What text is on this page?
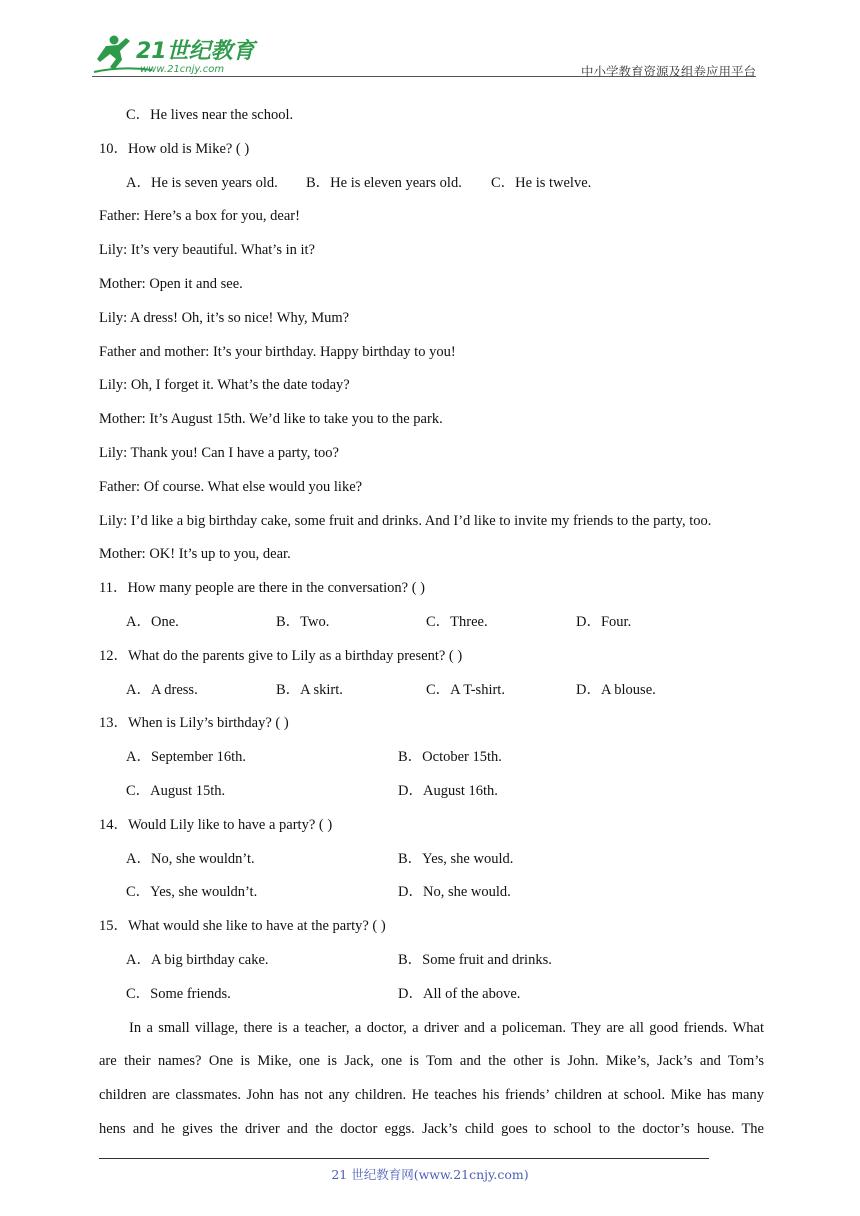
21世纪教育
www.21cnjy.com	中小学教育资源及组卷应用平台
C．He lives near the school.
10．How old is Mike? ( )
A．He is seven years old. B．He is eleven years old. C．He is twelve.
Father: Here’s a box for you, dear!
Lily: It’s very beautiful. What’s in it?
Mother: Open it and see.
Lily: A dress! Oh, it’s so nice! Why, Mum?
Father and mother: It’s your birthday. Happy birthday to you!
Lily: Oh, I forget it. What’s the date today?
Mother: It’s August 15th. We’d like to take you to the park.
Lily: Thank you! Can I have a party, too?
Father: Of course. What else would you like?
Lily: I’d like a big birthday cake, some fruit and drinks. And I’d like to invite my friends to the party, too.
Mother: OK! It’s up to you, dear.
11．How many people are there in the conversation? ( )
A．One.	B．Two.	C．Three.	D．Four.
12．What do the parents give to Lily as a birthday present? ( )
A．A dress.	B．A skirt.	C．A T-shirt.	D．A blouse.
13．When is Lily’s birthday? ( )
A．September 16th.	B．October 15th.
C．August 15th.	D．August 16th.
14．Would Lily like to have a party? ( )
A．No, she wouldn’t.	B．Yes, she would.
C．Yes, she wouldn’t.	D．No, she would.
15．What would she like to have at the party? ( )
A．A big birthday cake.	B．Some fruit and drinks.
C．Some friends.	D．All of the above.
In a small village, there is a teacher, a doctor, a driver and a policeman. They are all good friends. What
are their names? One is Mike, one is Jack, one is Tom and the other is John. Mike’s, Jack’s and Tom’s
children are classmates. John has not any children. He teaches his friends’ children at school. Mike has many
hens and he gives the driver and the doctor eggs. Jack’s child goes to school to the doctor’s house. The
21 世纪教育网(www.21cnjy.com)
